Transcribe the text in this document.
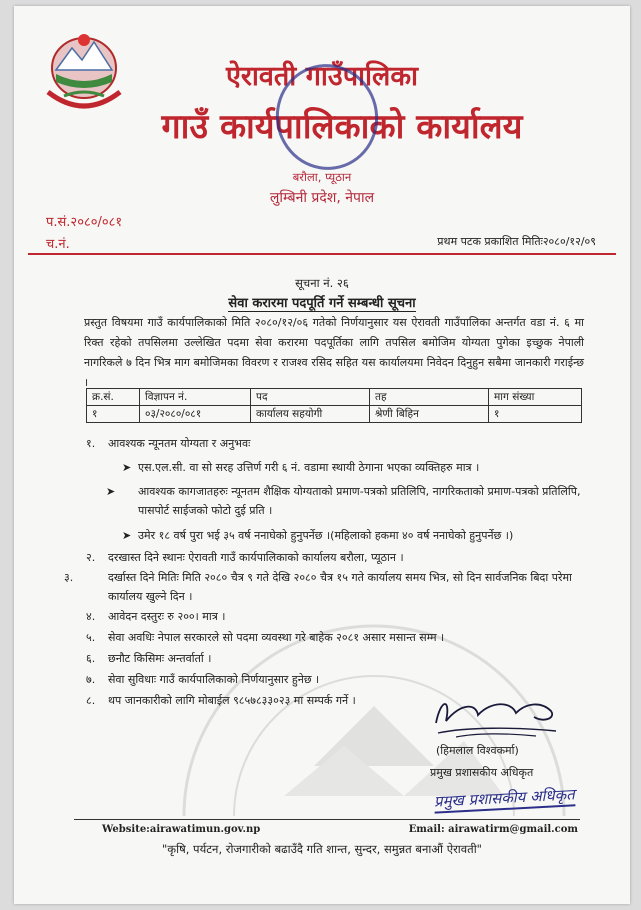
ऐरावती गाउँपालिका
गाउँ कार्यपालिकाको कार्यालय
बरौला, प्यूठान
लुम्बिनी प्रदेश, नेपाल
प.सं.२०८०/०८१
च.नं.	प्रथम पटक प्रकाशित मितिः२०८०/१२/०९
सूचना नं. २६
सेवा करारमा पदपूर्ति गर्ने सम्बन्धी सूचना
प्रस्तुत विषयमा गाउँ कार्यपालिकाको मिति २०८०/१२/०६ गतेको निर्णयानुसार यस ऐरावती गाउँपालिका अन्तर्गत वडा नं. ६ मा रिक्त रहेको तपसिलमा उल्लेखित पदमा सेवा करारमा पदपूर्तिका लागि तपसिल बमोजिम योग्यता पुगेका इच्छुक नेपाली नागरिकले ७ दिन भित्र माग बमोजिमका विवरण र राजश्व रसिद सहित यस कार्यालयमा निवेदन दिनुहुन सबैमा जानकारी गराईन्छ ।
क्र.सं.	विज्ञापन नं.	पद	तह	माग संख्या
१	०३/२०८०/०८१	कार्यालय सहयोगी	श्रेणी बिहिन	१
१. आवश्यक न्यूनतम योग्यता र अनुभवः
➤ एस.एल.सी. वा सो सरह उत्तिर्ण गरी ६ नं. वडामा स्थायी ठेगाना भएका व्यक्तिहरु मात्र ।
➤ आवश्यक कागजातहरुः न्यूनतम शैक्षिक योग्यताको प्रमाण-पत्रको प्रतिलिपि, नागरिकताको प्रमाण-पत्रको प्रतिलिपि, पासपोर्ट साईजको फोटो दुई प्रति ।
➤ उमेर १८ वर्ष पुरा भई ३५ वर्ष ननाघेको हुनुपर्नेछ ।(महिलाको हकमा ४० वर्ष ननाघेको हुनुपर्नेछ ।)
२. दरखास्त दिने स्थानः ऐरावती गाउँ कार्यपालिकाको कार्यालय बरौला, प्यूठान ।
३.	दर्खास्त दिने मितिः मिति २०८० चैत्र ९ गते देखि २०८० चैत्र १५ गते कार्यालय समय भित्र, सो दिन सार्वजनिक बिदा परेमा कार्यालय खुल्ने दिन ।
४. आवेदन दस्तुरः रु २००। मात्र ।
५. सेवा अवधिः नेपाल सरकारले सो पदमा व्यवस्था गरे बाहेक २०८१ असार मसान्त सम्म ।
६. छनौट किसिमः अन्तर्वार्ता ।
७. सेवा सुविधाः गाउँ कार्यपालिकाको निर्णयानुसार हुनेछ ।
८. थप जानकारीको लागि मोबाईल ९८५७८३३०२३ मा सम्पर्क गर्ने ।
(हिमलाल विश्वकर्मा)
प्रमुख प्रशासकीय अधिकृत
प्रमुख प्रशासकीय अधिकृत
Website:airawatimun.gov.np	Email: airawatirm@gmail.com
"कृषि, पर्यटन, रोजगारीको बढाउँदै गति शान्त, सुन्दर, समुन्नत बनाऔं ऐरावती"
